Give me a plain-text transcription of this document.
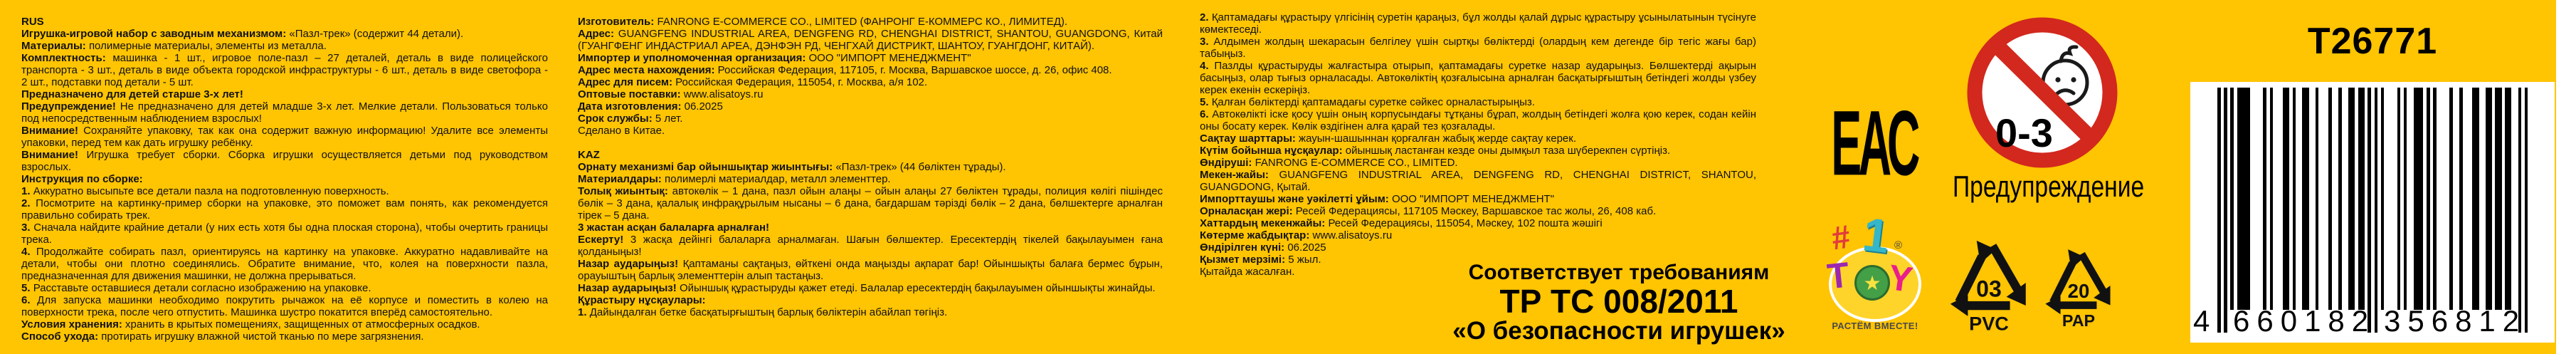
RUS
Игрушка-игровой набор с заводным механизмом: «Пазл-трек» (содержит 44 детали).
Материалы: полимерные материалы, элементы из металла.
Комплектность: машинка - 1 шт., игровое поле-пазл – 27 деталей, деталь в виде полицейского транспорта - 3 шт., деталь в виде объекта городской инфраструктуры - 6 шт., деталь в виде светофора - 2 шт., подставки под детали - 5 шт.
Предназначено для детей старше 3-х лет!
Предупреждение! Не предназначено для детей младше 3-х лет. Мелкие детали. Пользоваться только под непосредственным наблюдением взрослых!
Внимание! Сохраняйте упаковку, так как она содержит важную информацию! Удалите все элементы упаковки, перед тем как дать игрушку ребёнку.
Внимание! Игрушка требует сборки. Сборка игрушки осуществляется детьми под руководством взрослых.
Инструкция по сборке:
1. Аккуратно высыпьте все детали пазла на подготовленную поверхность.
2. Посмотрите на картинку-пример сборки на упаковке, это поможет вам понять, как рекомендуется правильно собирать трек.
3. Сначала найдите крайние детали (у них есть хотя бы одна плоская сторона), чтобы очертить границы трека.
4. Продолжайте собирать пазл, ориентируясь на картинку на упаковке. Аккуратно надавливайте на детали, чтобы они плотно соединялись. Обратите внимание, что, колея на поверхности пазла, предназначенная для движения машинки, не должна прерываться.
5. Расставьте оставшиеся детали согласно изображению на упаковке.
6. Для запуска машинки необходимо покрутить рычажок на её корпусе и поместить в колею на поверхности трека, после чего отпустить. Машинка шустро покатится вперёд самостоятельно.
Условия хранения: хранить в крытых помещениях, защищенных от атмосферных осадков.
Способ ухода: протирать игрушку влажной чистой тканью по мере загрязнения.
Изготовитель: FANRONG E-COMMERCE CO., LIMITED (ФАНРОНГ Е-КОММЕРС КО., ЛИМИТЕД).
Адрес: GUANGFENG INDUSTRIAL AREA, DENGFENG RD, CHENGHAI DISTRICT, SHANTOU, GUANGDONG, Китай (ГУАНГФЕНГ ИНДАСТРИАЛ АРЕА, ДЭНФЭН РД, ЧЕНГХАЙ ДИСТРИКТ, ШАНТОУ, ГУАНГДОНГ, КИТАЙ).
Импортер и уполномоченная организация: ООО "ИМПОРТ МЕНЕДЖМЕНТ"
Адрес места нахождения: Российская Федерация, 117105, г. Москва, Варшавское шоссе, д. 26, офис 408.
Адрес для писем: Российская Федерация, 115054, г. Москва, а/я 102.
Оптовые поставки: www.alisatoys.ru
Дата изготовления: 06.2025
Срок службы: 5 лет.
Сделано в Китае.

KAZ
Орнату механизмі бар ойыншықтар жиынтығы: «Пазл-трек» (44 бөліктен тұрады).
Материалдары: полимерлі материалдар, металл элементтер.
Толық жиынтық: автокөлік – 1 дана, пазл ойын алаңы – ойын алаңы 27 бөліктен тұрады, полиция көлігі пішіндес бөлік – 3 дана, қалалық инфрақұрылым нысаны – 6 дана, бағдаршам тәрізді бөлік – 2 дана, бөлшектерге арналған тірек – 5 дана.
3 жастан асқан балаларға арналған!
Ескерту! 3 жасқа дейінгі балаларға арналмаған. Шағын бөлшектер. Ересектердің тікелей бақылауымен ғана қолданыңыз!
Назар аударыңыз! Қаптаманы сақтаңыз, өйткені онда маңызды ақпарат бар! Ойыншықты балаға бермес бұрын, орауыштың барлық элементтерін алып тастаңыз.
Назар аударыңыз! Ойыншық құрастыруды қажет етеді. Балалар ересектердің бақылауымен ойыншықты жинайды.
Құрастыру нұсқаулары:
1. Дайындалған бетке басқатырғыштың барлық бөліктерін абайлап төгіңіз.
2. Қаптамадағы құрастыру үлгісінің суретін қараңыз, бұл жолды қалай дұрыс құрастыру ұсынылатынын түсінуге көмектеседі.
3. Алдымен жолдың шекарасын белгілеу үшін сыртқы бөліктерді (олардың кем дегенде бір тегіс жағы бар) табыңыз.
4. Пазлды құрастыруды жалғастыра отырып, қаптамадағы суретке назар аударыңыз. Бөлшектерді ақырын басыңыз, олар тығыз орналасады. Автокөліктің қозғалысына арналған басқатырғыштың бетіндегі жолды үзбеу керек екенін ескеріңіз.
5. Қалған бөліктерді қаптамадағы суретке сәйкес орналастырыңыз.
6. Автокөлікті іске қосу үшін оның корпусындағы тұтқаны бұрап, жолдың бетіндегі жолға қою керек, содан кейін оны босату керек. Көлік өздігінен алға қарай тез қозғалады.
Сақтау шарттары: жауын-шашыннан қорғалған жабық жерде сақтау керек.
Күтім бойынша нұсқаулар: ойыншық ластанған кезде оны дымқыл таза шүберекпен сүртіңіз.
Өндіруші: FANRONG E-COMMERCE CO., LIMITED.
Мекен-жайы: GUANGFENG INDUSTRIAL AREA, DENGFENG RD, CHENGHAI DISTRICT, SHANTOU, GUANGDONG, Қытай.
Импорттаушы және уәкілетті ұйым: ООО "ИМПОРТ МЕНЕДЖМЕНТ"
Орналасқан жері: Ресей Федерациясы, 117105 Мәскеу, Варшавское тас жолы, 26, 408 каб.
Хаттардың мекенжайы: Ресей Федерациясы, 115054, Мәскеу, 102 пошта жәшігі
Көтерме жабдықтар: www.alisatoys.ru
Өндірілген күні: 06.2025
Қызмет мерзімі: 5 жыл.
Қытайда жасалған.	Соответствует требованиям
ТР ТС 008/2011
«О безопасности игрушек»
ЕАС 0-3
Предупреждение
# 1 ®
T ★ Y
РАСТЁМ ВМЕСТЕ!
03
PVC
20
PAP
T26771
4 660182 356812
